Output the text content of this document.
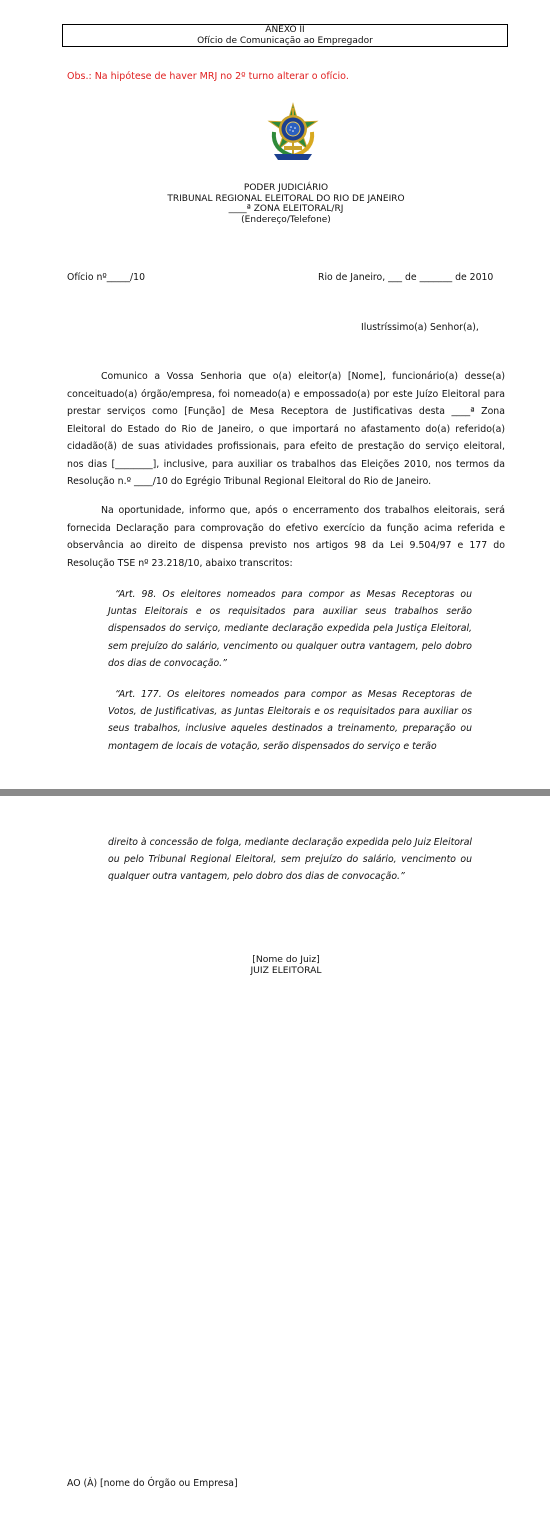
ANEXO II
Ofício de Comunicação ao Empregador
Obs.: Na hipótese de haver MRJ no 2º turno alterar o ofício.
PODER JUDICIÁRIO
TRIBUNAL REGIONAL ELEITORAL DO RIO DE JANEIRO
____ª ZONA ELEITORAL/RJ
(Endereço/Telefone)
Ofício nº_____/10	Rio de Janeiro, ___ de _______ de 2010
Ilustríssimo(a) Senhor(a),
Comunico a Vossa Senhoria que o(a) eleitor(a) [Nome], funcionário(a) desse(a) conceituado(a) órgão/empresa, foi nomeado(a) e empossado(a) por este Juízo Eleitoral para prestar serviços como [Função] de Mesa Receptora de Justificativas desta ____ª Zona Eleitoral do Estado do Rio de Janeiro, o que importará no afastamento do(a) referido(a) cidadão(ã) de suas atividades profissionais, para efeito de prestação do serviço eleitoral, nos dias [________], inclusive, para auxiliar os trabalhos das Eleições 2010, nos termos da Resolução n.º ____/10 do Egrégio Tribunal Regional Eleitoral do Rio de Janeiro.
Na oportunidade, informo que, após o encerramento dos trabalhos eleitorais, será fornecida Declaração para comprovação do efetivo exercício da função acima referida e observância ao direito de dispensa previsto nos artigos 98 da Lei 9.504/97 e 177 do Resolução TSE nº 23.218/10, abaixo transcritos:
“Art. 98. Os eleitores nomeados para compor as Mesas Receptoras ou Juntas Eleitorais e os requisitados para auxiliar seus trabalhos serão dispensados do serviço, mediante declaração expedida pela Justiça Eleitoral, sem prejuízo do salário, vencimento ou qualquer outra vantagem, pelo dobro dos dias de convocação.”
“Art. 177. Os eleitores nomeados para compor as Mesas Receptoras de Votos, de Justificativas, as Juntas Eleitorais e os requisitados para auxiliar os seus trabalhos, inclusive aqueles destinados a treinamento, preparação ou montagem de locais de votação, serão dispensados do serviço e terão
direito à concessão de folga, mediante declaração expedida pelo Juiz Eleitoral ou pelo Tribunal Regional Eleitoral, sem prejuízo do salário, vencimento ou qualquer outra vantagem, pelo dobro dos dias de convocação.”
[Nome do Juiz]
JUIZ ELEITORAL
AO (À) [nome do Órgão ou Empresa]
